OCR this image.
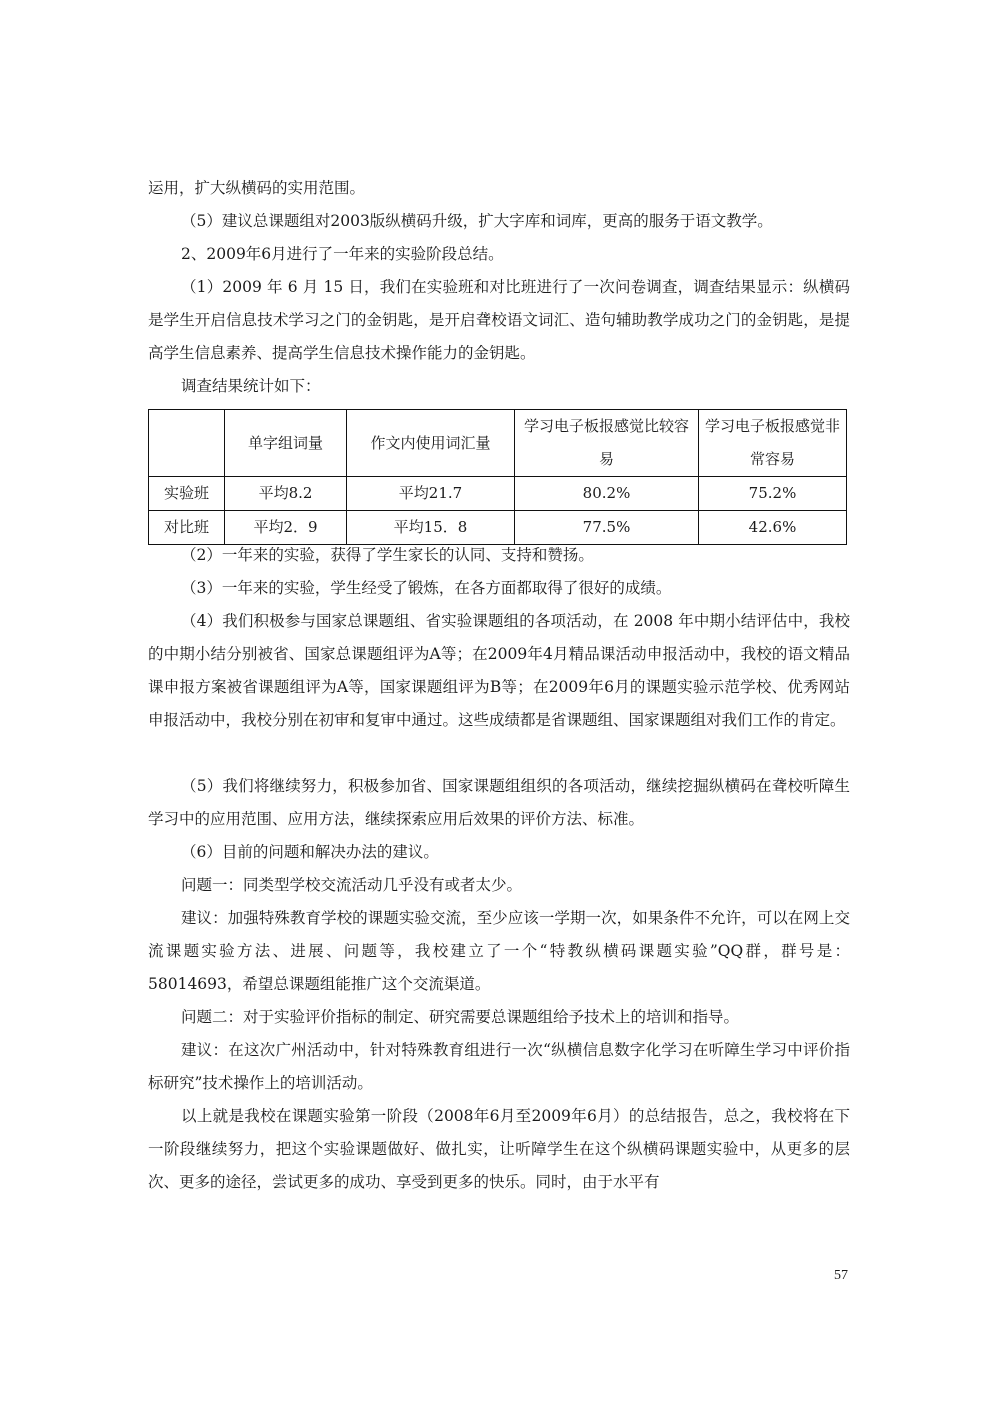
运用，扩大纵横码的实用范围。

（5）建议总课题组对2003版纵横码升级，扩大字库和词库，更高的服务于语文教学。

2、2009年6月进行了一年来的实验阶段总结。

（1）2009 年 6 月 15 日，我们在实验班和对比班进行了一次问卷调查，调查结果显示：纵横码是学生开启信息技术学习之门的金钥匙，是开启聋校语文词汇、造句辅助教学成功之门的金钥匙，是提高学生信息素养、提高学生信息技术操作能力的金钥匙。

调查结果统计如下：

	单字组词量	作文内使用词汇量	学习电子板报感觉比较容易	学习电子板报感觉非常容易
实验班	平均8.2	平均21.7	80.2%	75.2%
对比班	平均2．9	平均15．8	77.5%	42.6%

（2）一年来的实验，获得了学生家长的认同、支持和赞扬。

（3）一年来的实验，学生经受了锻炼，在各方面都取得了很好的成绩。

（4）我们积极参与国家总课题组、省实验课题组的各项活动，在 2008 年中期小结评估中，我校的中期小结分别被省、国家总课题组评为A等；在2009年4月精品课活动申报活动中，我校的语文精品课申报方案被省课题组评为A等，国家课题组评为B等；在2009年6月的课题实验示范学校、优秀网站申报活动中，我校分别在初审和复审中通过。这些成绩都是省课题组、国家课题组对我们工作的肯定。

（5）我们将继续努力，积极参加省、国家课题组组织的各项活动，继续挖掘纵横码在聋校听障生学习中的应用范围、应用方法，继续探索应用后效果的评价方法、标准。

（6）目前的问题和解决办法的建议。

问题一：同类型学校交流活动几乎没有或者太少。

建议：加强特殊教育学校的课题实验交流，至少应该一学期一次，如果条件不允许，可以在网上交流课题实验方法、进展、问题等，我校建立了一个“特教纵横码课题实验”QQ群，群号是：58014693，希望总课题组能推广这个交流渠道。

问题二：对于实验评价指标的制定、研究需要总课题组给予技术上的培训和指导。

建议：在这次广州活动中，针对特殊教育组进行一次“纵横信息数字化学习在听障生学习中评价指标研究”技术操作上的培训活动。

以上就是我校在课题实验第一阶段（2008年6月至2009年6月）的总结报告，总之，我校将在下一阶段继续努力，把这个实验课题做好、做扎实，让听障学生在这个纵横码课题实验中，从更多的层次、更多的途径，尝试更多的成功、享受到更多的快乐。同时，由于水平有

57
